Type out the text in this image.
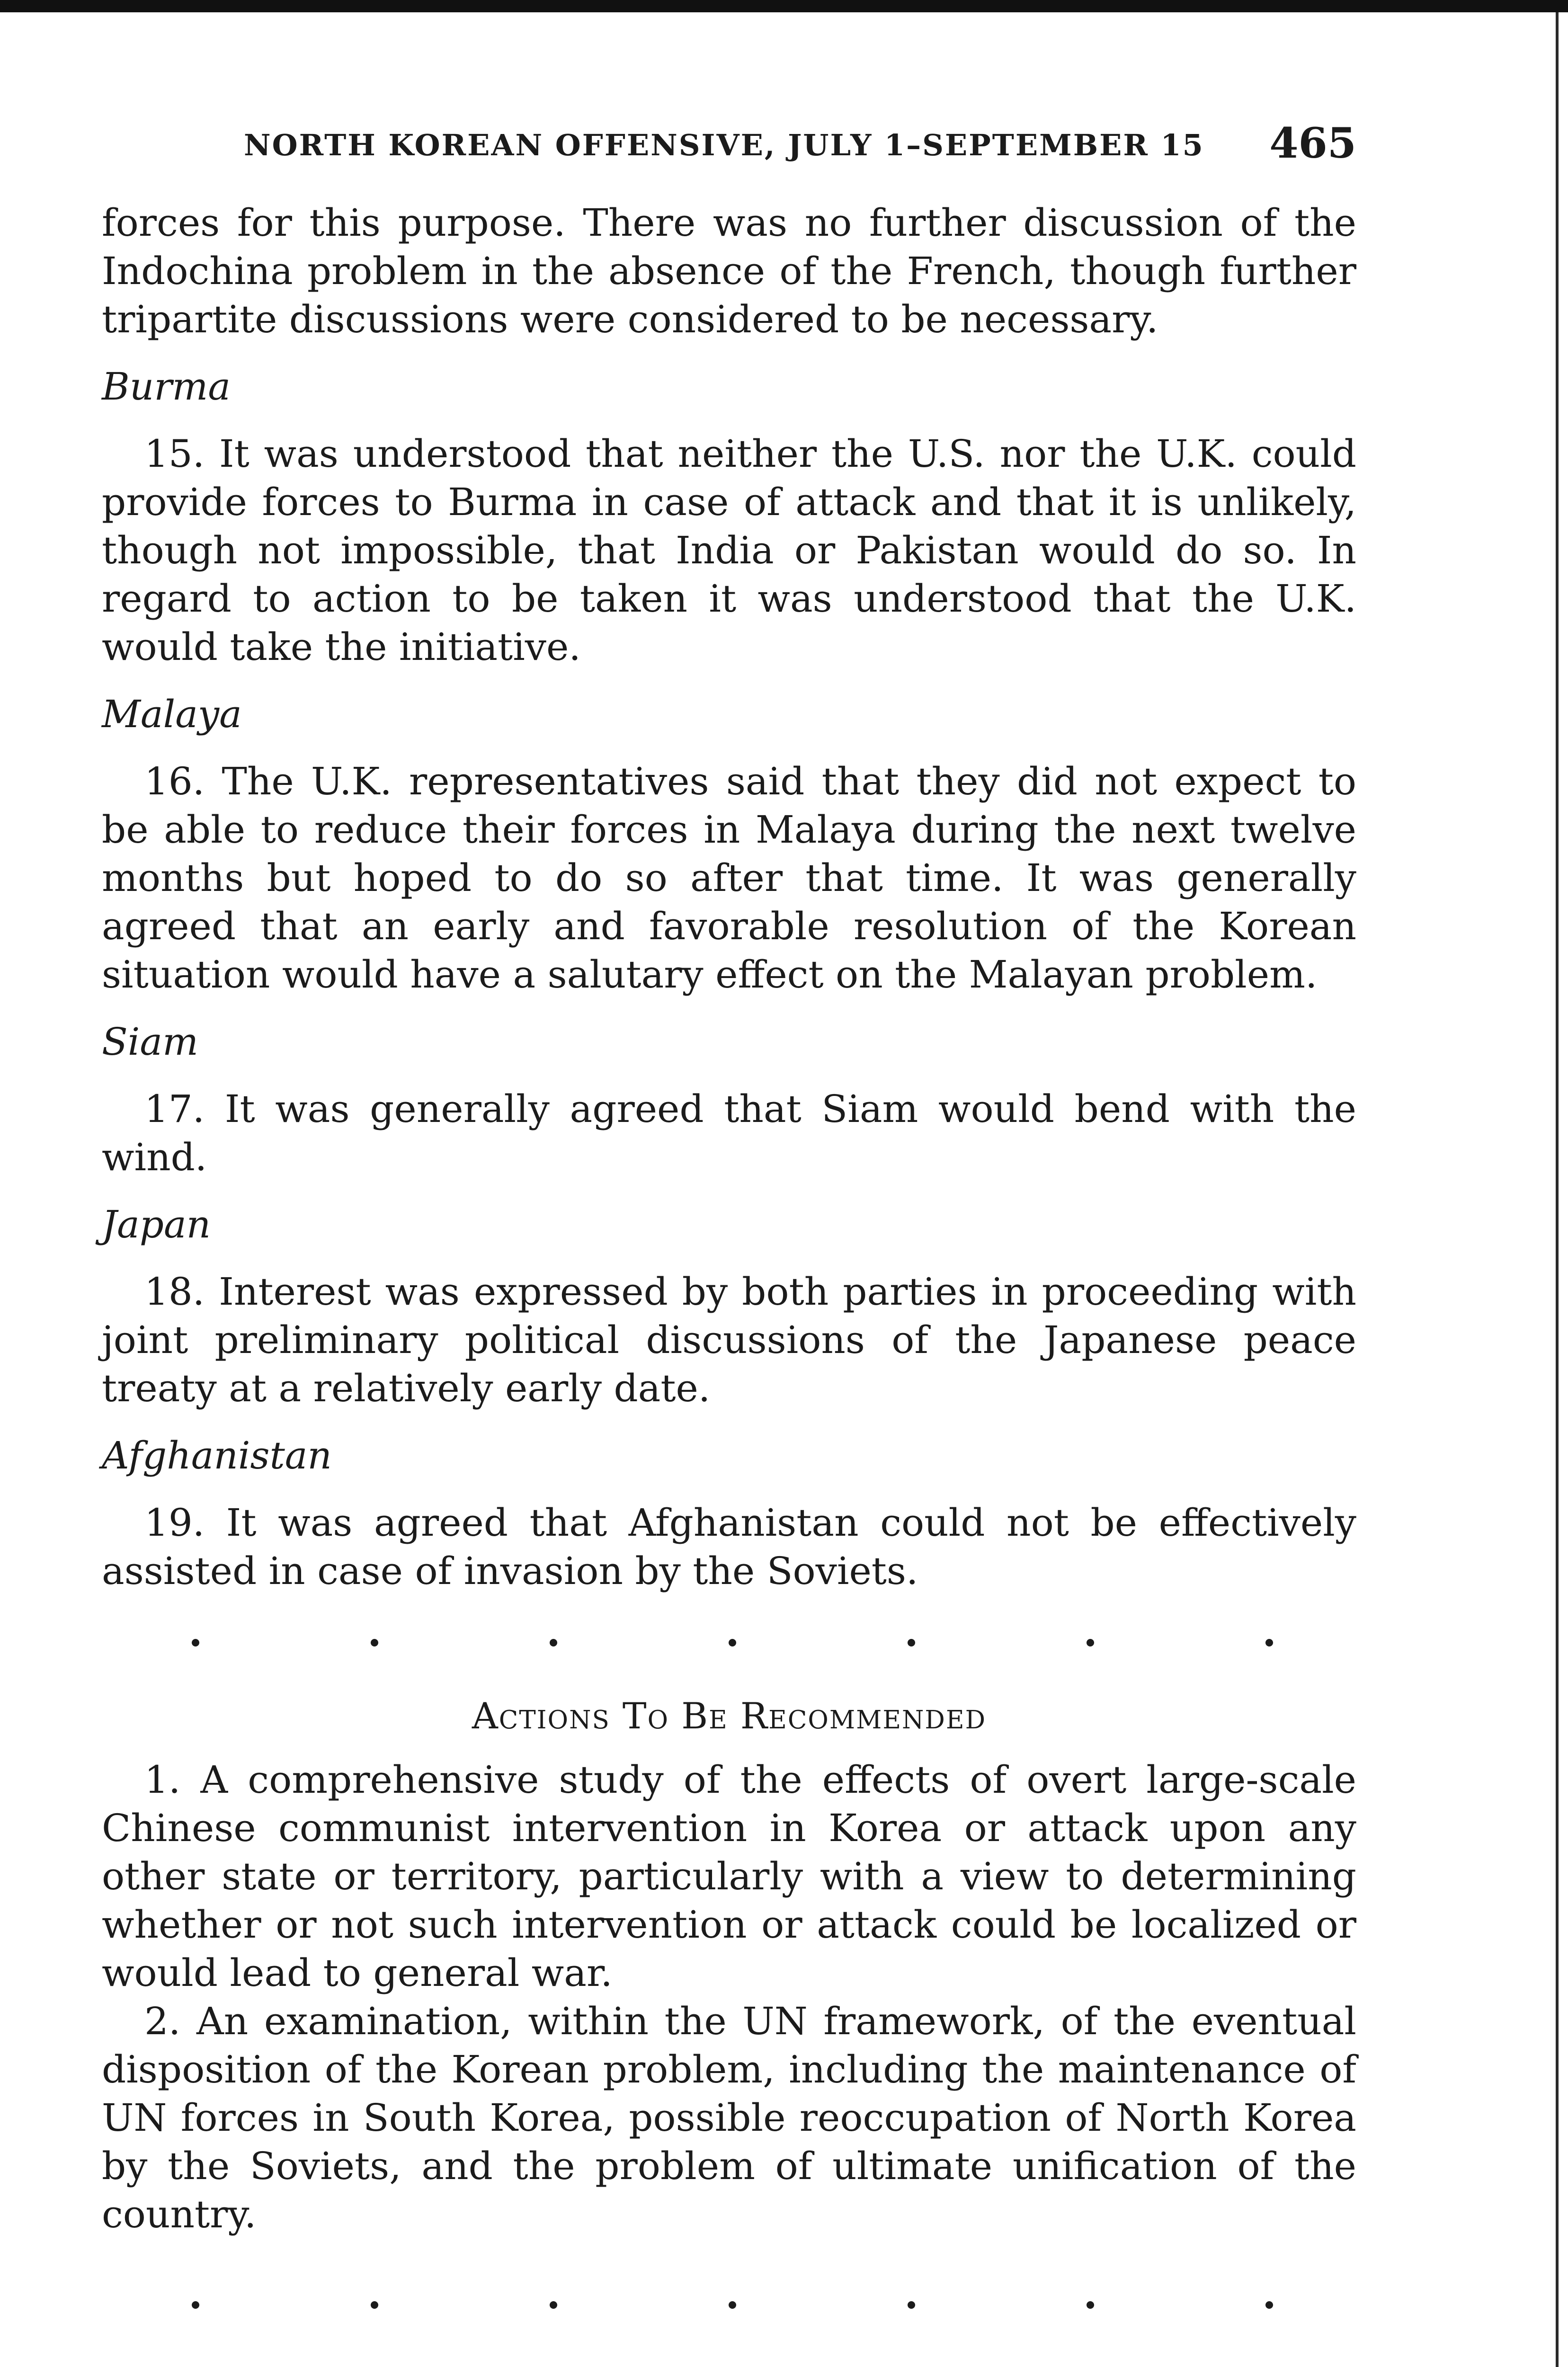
NORTH KOREAN OFFENSIVE, JULY 1–SEPTEMBER 15 465

forces for this purpose. There was no further discussion of the Indochina problem in the absence of the French, though further tripartite discussions were considered to be necessary.

Burma

15. It was understood that neither the U.S. nor the U.K. could provide forces to Burma in case of attack and that it is unlikely, though not impossible, that India or Pakistan would do so. In regard to action to be taken it was understood that the U.K. would take the initiative.

Malaya

16. The U.K. representatives said that they did not expect to be able to reduce their forces in Malaya during the next twelve months but hoped to do so after that time. It was generally agreed that an early and favorable resolution of the Korean situation would have a salutary effect on the Malayan problem.

Siam

17. It was generally agreed that Siam would bend with the wind.

Japan

18. Interest was expressed by both parties in proceeding with joint preliminary political discussions of the Japanese peace treaty at a relatively early date.

Afghanistan

19. It was agreed that Afghanistan could not be effectively assisted in case of invasion by the Soviets.

Actions To Be Recommended

1. A comprehensive study of the effects of overt large-scale Chinese communist intervention in Korea or attack upon any other state or territory, particularly with a view to determining whether or not such intervention or attack could be localized or would lead to general war.

2. An examination, within the UN framework, of the eventual disposition of the Korean problem, including the maintenance of UN forces in South Korea, possible reoccupation of North Korea by the Soviets, and the problem of ultimate unification of the country.
